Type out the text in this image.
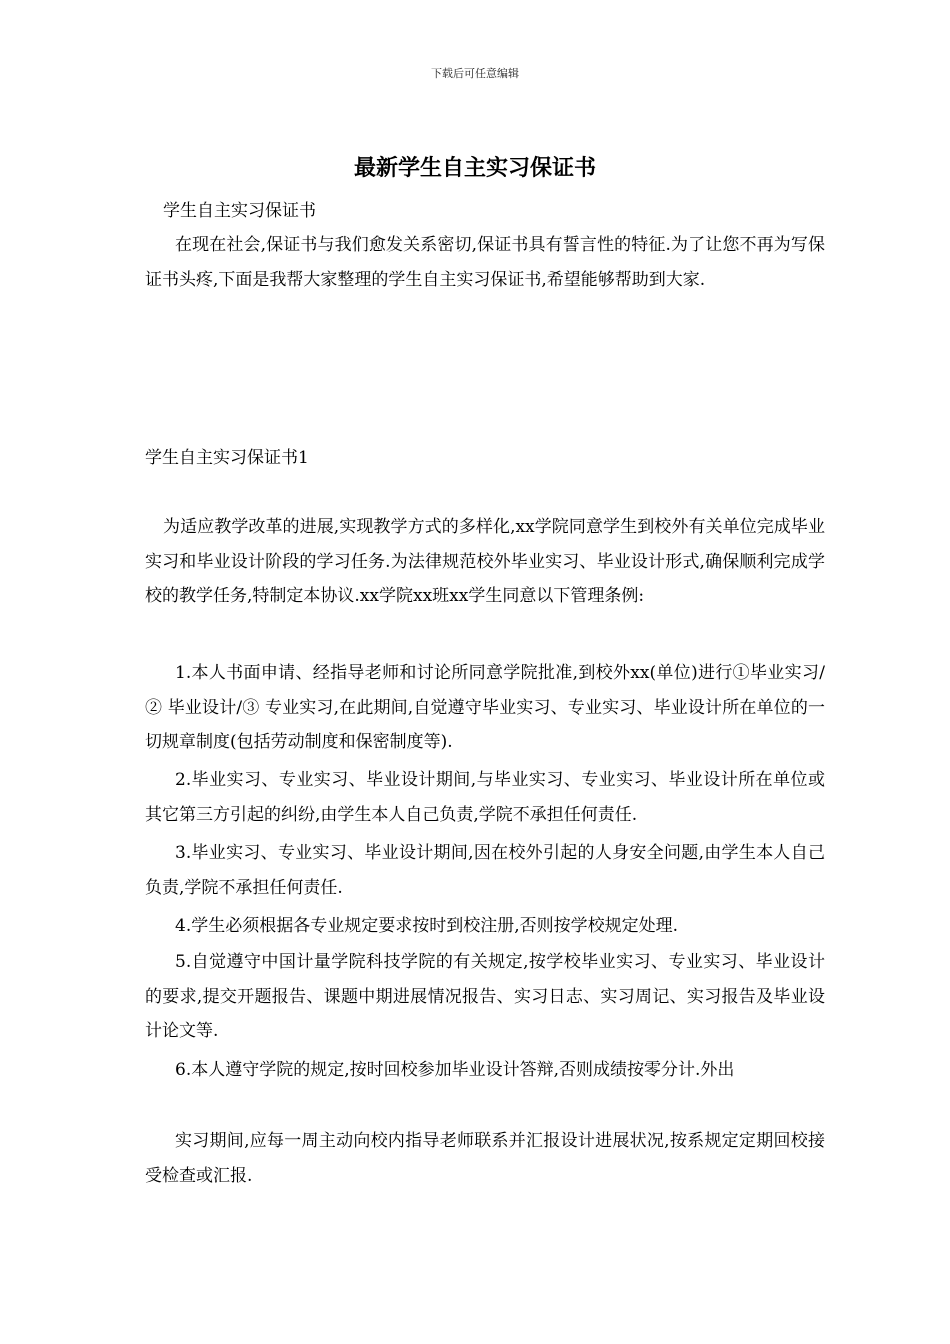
下载后可任意编辑
最新学生自主实习保证书
学生自主实习保证书

在现在社会,保证书与我们愈发关系密切,保证书具有誓言性的特征.为了让您不再为写保证书头疼,下面是我帮大家整理的学生自主实习保证书,希望能够帮助到大家.

学生自主实习保证书1

为适应教学改革的进展,实现教学方式的多样化,xx学院同意学生到校外有关单位完成毕业实习和毕业设计阶段的学习任务.为法律规范校外毕业实习、毕业设计形式,确保顺利完成学校的教学任务,特制定本协议.xx学院xx班xx学生同意以下管理条例:

1.本人书面申请、经指导老师和讨论所同意学院批准,到校外xx(单位)进行①毕业实习/② 毕业设计/③ 专业实习,在此期间,自觉遵守毕业实习、专业实习、毕业设计所在单位的一切规章制度(包括劳动制度和保密制度等).

2.毕业实习、专业实习、毕业设计期间,与毕业实习、专业实习、毕业设计所在单位或其它第三方引起的纠纷,由学生本人自己负责,学院不承担任何责任.

3.毕业实习、专业实习、毕业设计期间,因在校外引起的人身安全问题,由学生本人自己负责,学院不承担任何责任.

4.学生必须根据各专业规定要求按时到校注册,否则按学校规定处理.

5.自觉遵守中国计量学院科技学院的有关规定,按学校毕业实习、专业实习、毕业设计的要求,提交开题报告、课题中期进展情况报告、实习日志、实习周记、实习报告及毕业设计论文等.

6.本人遵守学院的规定,按时回校参加毕业设计答辩,否则成绩按零分计.外出

实习期间,应每一周主动向校内指导老师联系并汇报设计进展状况,按系规定定期回校接受检查或汇报.
